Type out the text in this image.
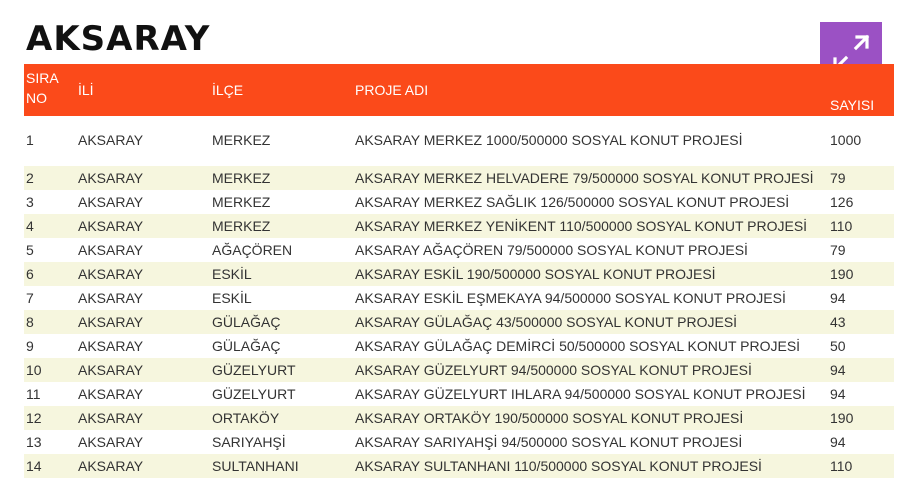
AKSARAY
SIRA
NO	İLİ	İLÇE	PROJE ADI	SAYISI
1	AKSARAY	MERKEZ	AKSARAY MERKEZ 1000/500000 SOSYAL KONUT PROJESİ	1000
2	AKSARAY	MERKEZ	AKSARAY MERKEZ HELVADERE 79/500000 SOSYAL KONUT PROJESİ	79
3	AKSARAY	MERKEZ	AKSARAY MERKEZ SAĞLIK 126/500000 SOSYAL KONUT PROJESİ	126
4	AKSARAY	MERKEZ	AKSARAY MERKEZ YENİKENT 110/500000 SOSYAL KONUT PROJESİ	110
5	AKSARAY	AĞAÇÖREN	AKSARAY AĞAÇÖREN 79/500000 SOSYAL KONUT PROJESİ	79
6	AKSARAY	ESKİL	AKSARAY ESKİL 190/500000 SOSYAL KONUT PROJESİ	190
7	AKSARAY	ESKİL	AKSARAY ESKİL EŞMEKAYA 94/500000 SOSYAL KONUT PROJESİ	94
8	AKSARAY	GÜLAĞAÇ	AKSARAY GÜLAĞAÇ 43/500000 SOSYAL KONUT PROJESİ	43
9	AKSARAY	GÜLAĞAÇ	AKSARAY GÜLAĞAÇ DEMİRCİ 50/500000 SOSYAL KONUT PROJESİ	50
10	AKSARAY	GÜZELYURT	AKSARAY GÜZELYURT 94/500000 SOSYAL KONUT PROJESİ	94
11	AKSARAY	GÜZELYURT	AKSARAY GÜZELYURT IHLARA 94/500000 SOSYAL KONUT PROJESİ	94
12	AKSARAY	ORTAKÖY	AKSARAY ORTAKÖY 190/500000 SOSYAL KONUT PROJESİ	190
13	AKSARAY	SARIYAHŞİ	AKSARAY SARIYAHŞİ 94/500000 SOSYAL KONUT PROJESİ	94
14	AKSARAY	SULTANHANI	AKSARAY SULTANHANI 110/500000 SOSYAL KONUT PROJESİ	110
